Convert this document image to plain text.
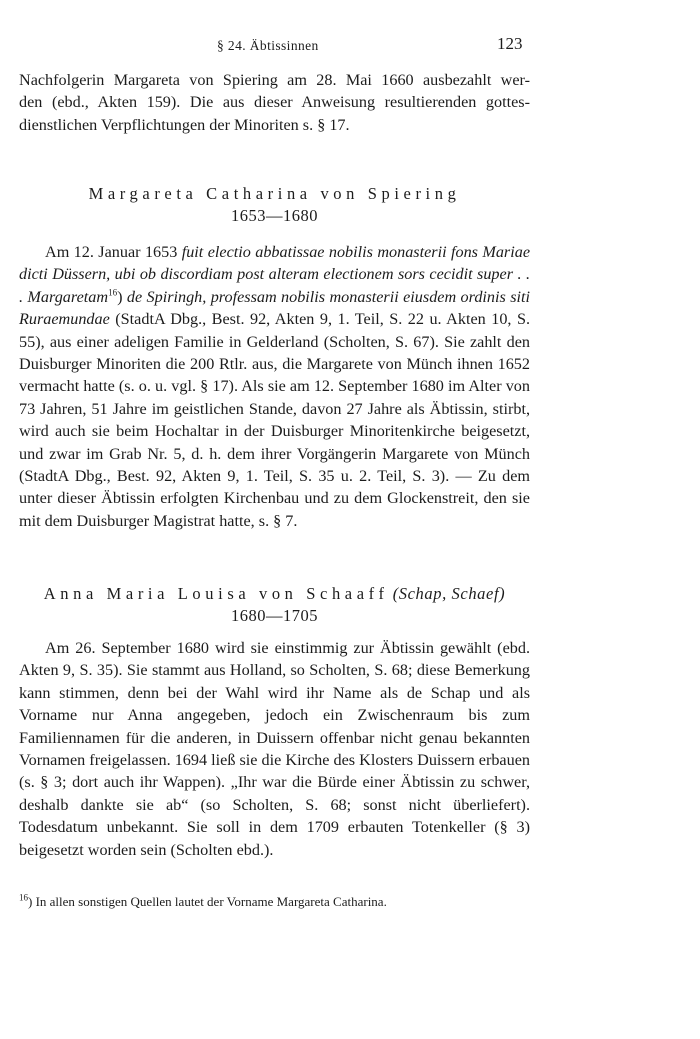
§ 24. Äbtissinnen	123
Nachfolgerin Margareta von Spiering am 28. Mai 1660 ausbezahlt wer-
den (ebd., Akten 159). Die aus dieser Anweisung resultierenden gottes-
dienstlichen Verpflichtungen der Minoriten s. § 17.
Margareta Catharina von Spiering
1653—1680

Am 12. Januar 1653 fuit electio abbatissae nobilis monasterii fons Mariae dicti Düssern, ubi ob discordiam post alteram electionem sors cecidit super . . . Margaretam$^{16}$) de Spiringh, professam nobilis monasterii eiusdem ordinis siti Ruraemundae (StadtA Dbg., Best. 92, Akten 9, 1. Teil, S. 22 u. Akten 10, S. 55), aus einer adeligen Familie in Gelderland (Scholten, S. 67). Sie zahlt den Duisburger Minoriten die 200 Rtlr. aus, die Margarete von Münch ihnen 1652 vermacht hatte (s. o. u. vgl. § 17). Als sie am 12. September 1680 im Alter von 73 Jahren, 51 Jahre im geistlichen Stande, davon 27 Jahre als Äbtissin, stirbt, wird auch sie beim Hochaltar in der Duisburger Minoritenkirche beigesetzt, und zwar im Grab Nr. 5, d. h. dem ihrer Vorgängerin Margarete von Münch (StadtA Dbg., Best. 92, Akten 9, 1. Teil, S. 35 u. 2. Teil, S. 3). — Zu dem unter dieser Äbtissin erfolgten Kirchenbau und zu dem Glockenstreit, den sie mit dem Duisburger Magistrat hatte, s. § 7.

Anna Maria Louisa von Schaaff (Schap, Schaef)
1680—1705

Am 26. September 1680 wird sie einstimmig zur Äbtissin gewählt (ebd. Akten 9, S. 35). Sie stammt aus Holland, so Scholten, S. 68; diese Bemerkung kann stimmen, denn bei der Wahl wird ihr Name als de Schap und als Vorname nur Anna angegeben, jedoch ein Zwischenraum bis zum Familiennamen für die anderen, in Duissern offenbar nicht genau bekannten Vornamen freigelassen. 1694 ließ sie die Kirche des Klosters Duissern erbauen (s. § 3; dort auch ihr Wappen). „Ihr war die Bürde einer Äbtissin zu schwer, deshalb dankte sie ab“ (so Scholten, S. 68; sonst nicht überliefert). Todesdatum unbekannt. Sie soll in dem 1709 erbauten Totenkeller (§ 3) beigesetzt worden sein (Scholten ebd.).

$^{16}$) In allen sonstigen Quellen lautet der Vorname Margareta Catharina.
